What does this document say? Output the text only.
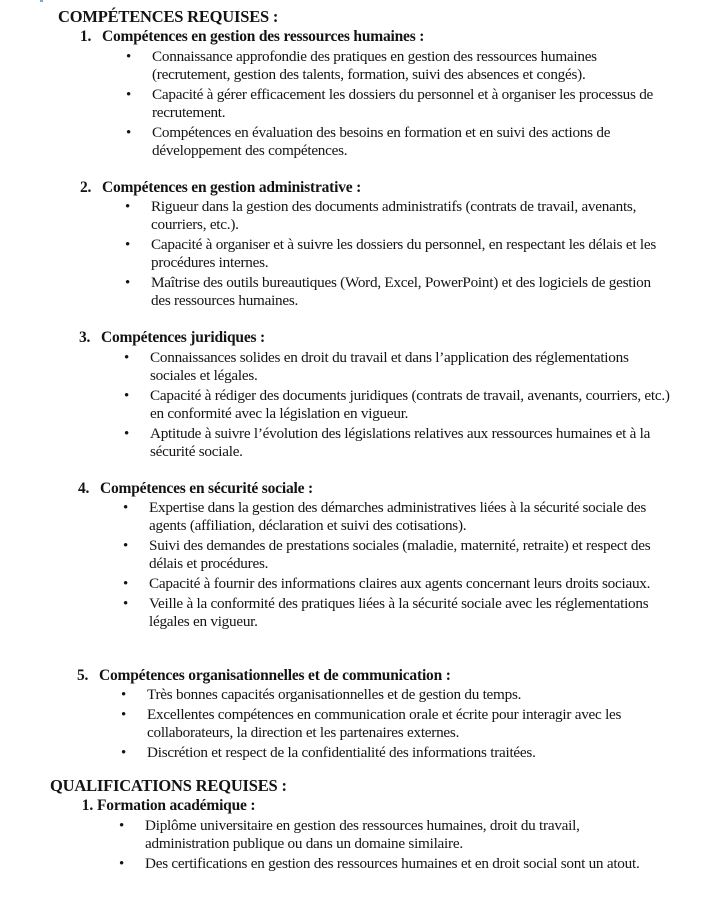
COMPÉTENCES REQUISES :
1. Compétences en gestion des ressources humaines :
• Connaissance approfondie des pratiques en gestion des ressources humaines (recrutement, gestion des talents, formation, suivi des absences et congés).
• Capacité à gérer efficacement les dossiers du personnel et à organiser les processus de recrutement.
• Compétences en évaluation des besoins en formation et en suivi des actions de développement des compétences.
2. Compétences en gestion administrative :
• Rigueur dans la gestion des documents administratifs (contrats de travail, avenants, courriers, etc.).
• Capacité à organiser et à suivre les dossiers du personnel, en respectant les délais et les procédures internes.
• Maîtrise des outils bureautiques (Word, Excel, PowerPoint) et des logiciels de gestion des ressources humaines.
3. Compétences juridiques :
• Connaissances solides en droit du travail et dans l’application des réglementations sociales et légales.
• Capacité à rédiger des documents juridiques (contrats de travail, avenants, courriers, etc.) en conformité avec la législation en vigueur.
• Aptitude à suivre l’évolution des législations relatives aux ressources humaines et à la sécurité sociale.
4. Compétences en sécurité sociale :
• Expertise dans la gestion des démarches administratives liées à la sécurité sociale des agents (affiliation, déclaration et suivi des cotisations).
• Suivi des demandes de prestations sociales (maladie, maternité, retraite) et respect des délais et procédures.
• Capacité à fournir des informations claires aux agents concernant leurs droits sociaux.
• Veille à la conformité des pratiques liées à la sécurité sociale avec les réglementations légales en vigueur.
5. Compétences organisationnelles et de communication :
• Très bonnes capacités organisationnelles et de gestion du temps.
• Excellentes compétences en communication orale et écrite pour interagir avec les collaborateurs, la direction et les partenaires externes.
• Discrétion et respect de la confidentialité des informations traitées.
QUALIFICATIONS REQUISES :
1. Formation académique :
• Diplôme universitaire en gestion des ressources humaines, droit du travail, administration publique ou dans un domaine similaire.
• Des certifications en gestion des ressources humaines et en droit social sont un atout.
